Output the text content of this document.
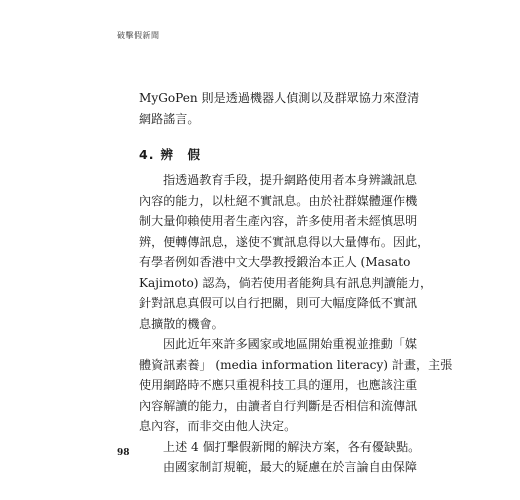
破擊假新聞
MyGoPen 則是透過機器人偵測以及群眾協力來澄清
網路謠言。
4. 辨　假
指透過教育手段，提升網路使用者本身辨識訊息
內容的能力，以杜絕不實訊息。由於社群媒體運作機
制大量仰賴使用者生產內容，許多使用者未經慎思明
辨，便轉傳訊息，遂使不實訊息得以大量傳布。因此，
有學者例如香港中文大學教授鍛治本正人 (Masato
Kajimoto) 認為，倘若使用者能夠具有訊息判讀能力，
針對訊息真假可以自行把關，則可大幅度降低不實訊
息擴散的機會。
因此近年來許多國家或地區開始重視並推動「媒
體資訊素養」 (media information literacy) 計畫，主張
使用網路時不應只重視科技工具的運用，也應該注重
內容解讀的能力，由讀者自行判斷是否相信和流傳訊
息內容，而非交由他人決定。
上述 4 個打擊假新聞的解決方案，各有優缺點。
由國家制訂規範，最大的疑慮在於言論自由保障
98
